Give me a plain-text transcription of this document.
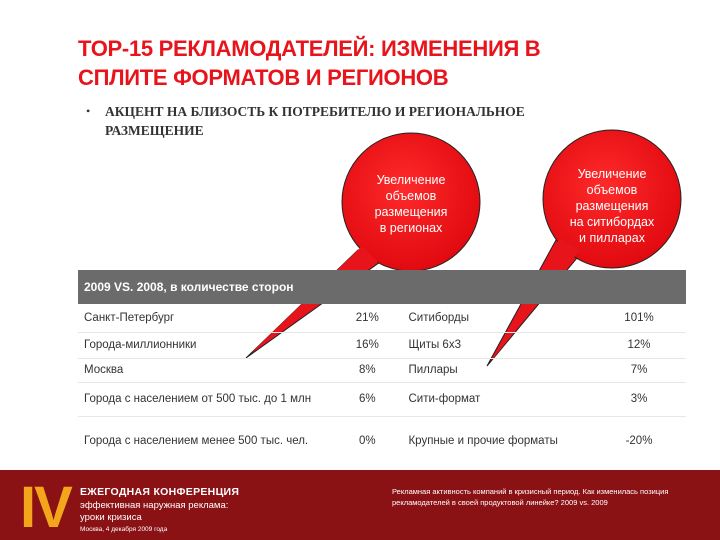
TOP-15 РЕКЛАМОДАТЕЛЕЙ: ИЗМЕНЕНИЯ В
СПЛИТЕ ФОРМАТОВ И РЕГИОНОВ
• АКЦЕНТ НА БЛИЗОСТЬ К ПОТРЕБИТЕЛЮ И РЕГИОНАЛЬНОЕ
РАЗМЕЩЕНИЕ
Увеличение
объемов
размещения
в регионах
Увеличение
объемов
размещения
на ситибордах
и пилларах
2009 VS. 2008, в количестве сторон
Санкт-Петербург	21%	Ситиборды	101%
Города-миллионники	16%	Щиты 6х3	12%
Москва	8%	Пиллары	7%
Города с населением от 500 тыс. до 1 млн	6%	Сити-формат	3%
Города с населением менее 500 тыс. чел.	0%	Крупные и прочие форматы	-20%
IV ЕЖЕГОДНАЯ КОНФЕРЕНЦИЯ
эффективная наружная реклама:
уроки кризиса
Москва, 4 декабря 2009 года
Рекламная активность компаний в кризисный период. Как изменилась позиция рекламодателей в своей продуктовой линейке? 2009 vs. 2009
